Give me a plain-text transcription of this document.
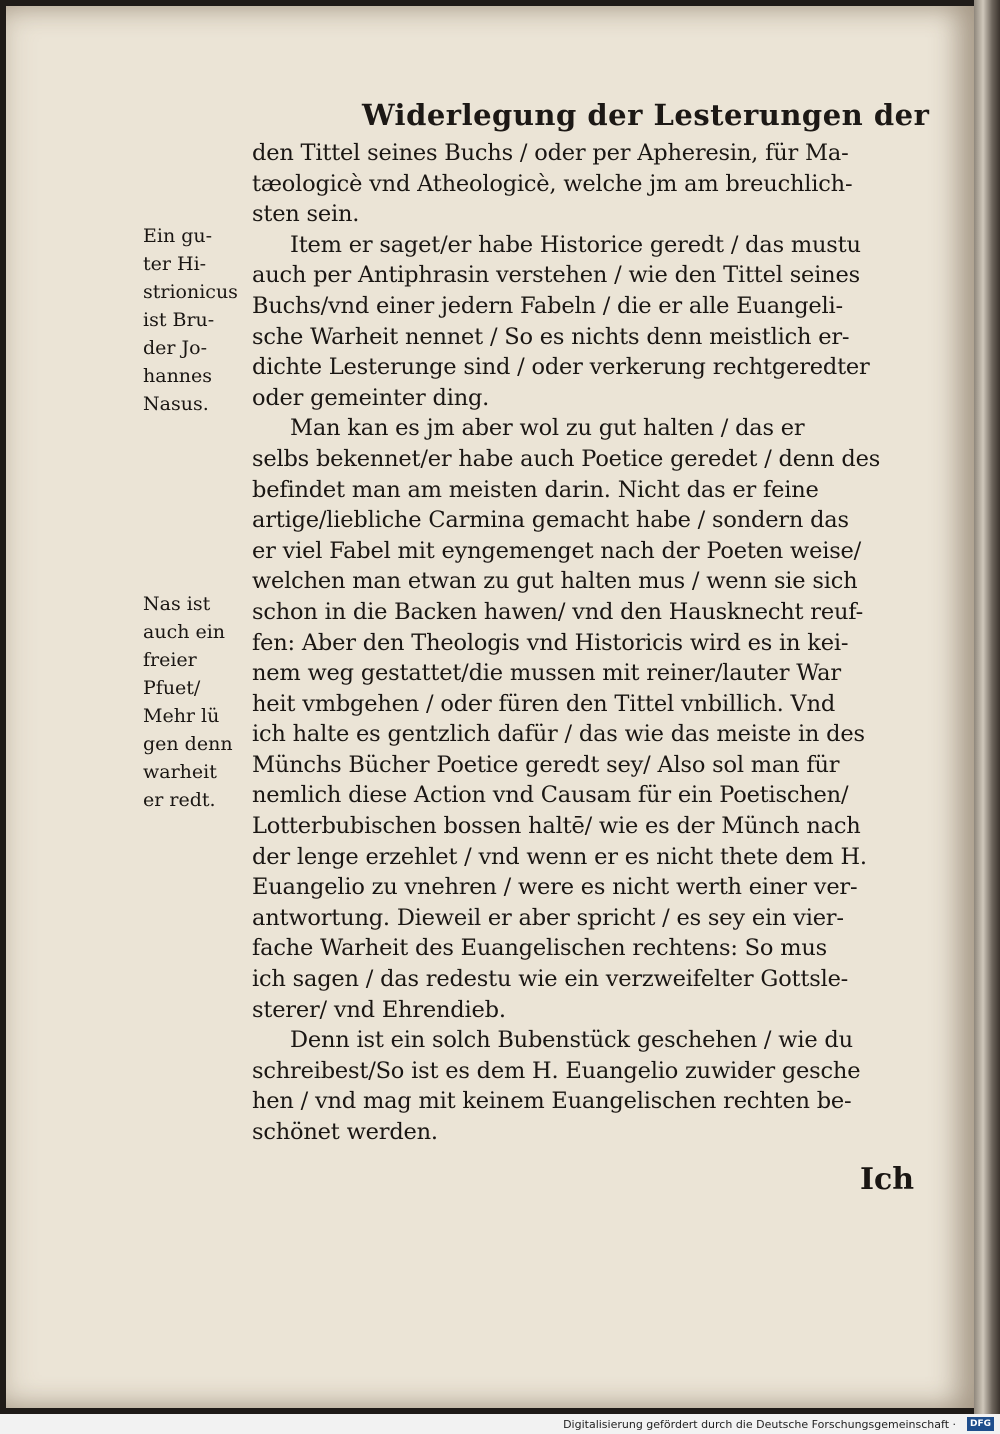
Widerlegung der Lesterungen der
den Tittel seines Buchs / oder per Apheresin, für Ma-
tæologicè vnd Atheologicè, welche jm am breuchlich-
sten sein.
Item er saget/er habe Historice geredt / das mustu
auch per Antiphrasin verstehen / wie den Tittel seines
Buchs/vnd einer jedern Fabeln / die er alle Euangeli-
sche Warheit nennet / So es nichts denn meistlich er-
dichte Lesterunge sind / oder verkerung rechtgeredter
oder gemeinter ding.
Man kan es jm aber wol zu gut halten / das er
selbs bekennet/er habe auch Poetice geredet / denn des
befindet man am meisten darin. Nicht das er feine
artige/liebliche Carmina gemacht habe / sondern das
er viel Fabel mit eyngemenget nach der Poeten weise/
welchen man etwan zu gut halten mus / wenn sie sich
schon in die Backen hawen/ vnd den Hausknecht reuf-
fen: Aber den Theologis vnd Historicis wird es in kei-
nem weg gestattet/die mussen mit reiner/lauter War
heit vmbgehen / oder füren den Tittel vnbillich. Vnd
ich halte es gentzlich dafür / das wie das meiste in des
Münchs Bücher Poetice geredt sey/ Also sol man für
nemlich diese Action vnd Causam für ein Poetischen/
Lotterbubischen bossen haltē/ wie es der Münch nach
der lenge erzehlet / vnd wenn er es nicht thete dem H.
Euangelio zu vnehren / were es nicht werth einer ver-
antwortung. Dieweil er aber spricht / es sey ein vier-
fache Warheit des Euangelischen rechtens: So mus
ich sagen / das redestu wie ein verzweifelter Gottsle-
sterer/ vnd Ehrendieb.
Denn ist ein solch Bubenstück geschehen / wie du
schreibest/So ist es dem H. Euangelio zuwider gesche
hen / vnd mag mit keinem Euangelischen rechten be-
schönet werden.
Ein gu-
ter Hi-
strionicus
ist Bru-
der Jo-
hannes
Nasus.
Nas ist
auch ein
freier
Pfuet/
Mehr lü
gen denn
warheit
er redt.
Ich
Digitalisierung gefördert durch die Deutsche Forschungsgemeinschaft ·	DFG
